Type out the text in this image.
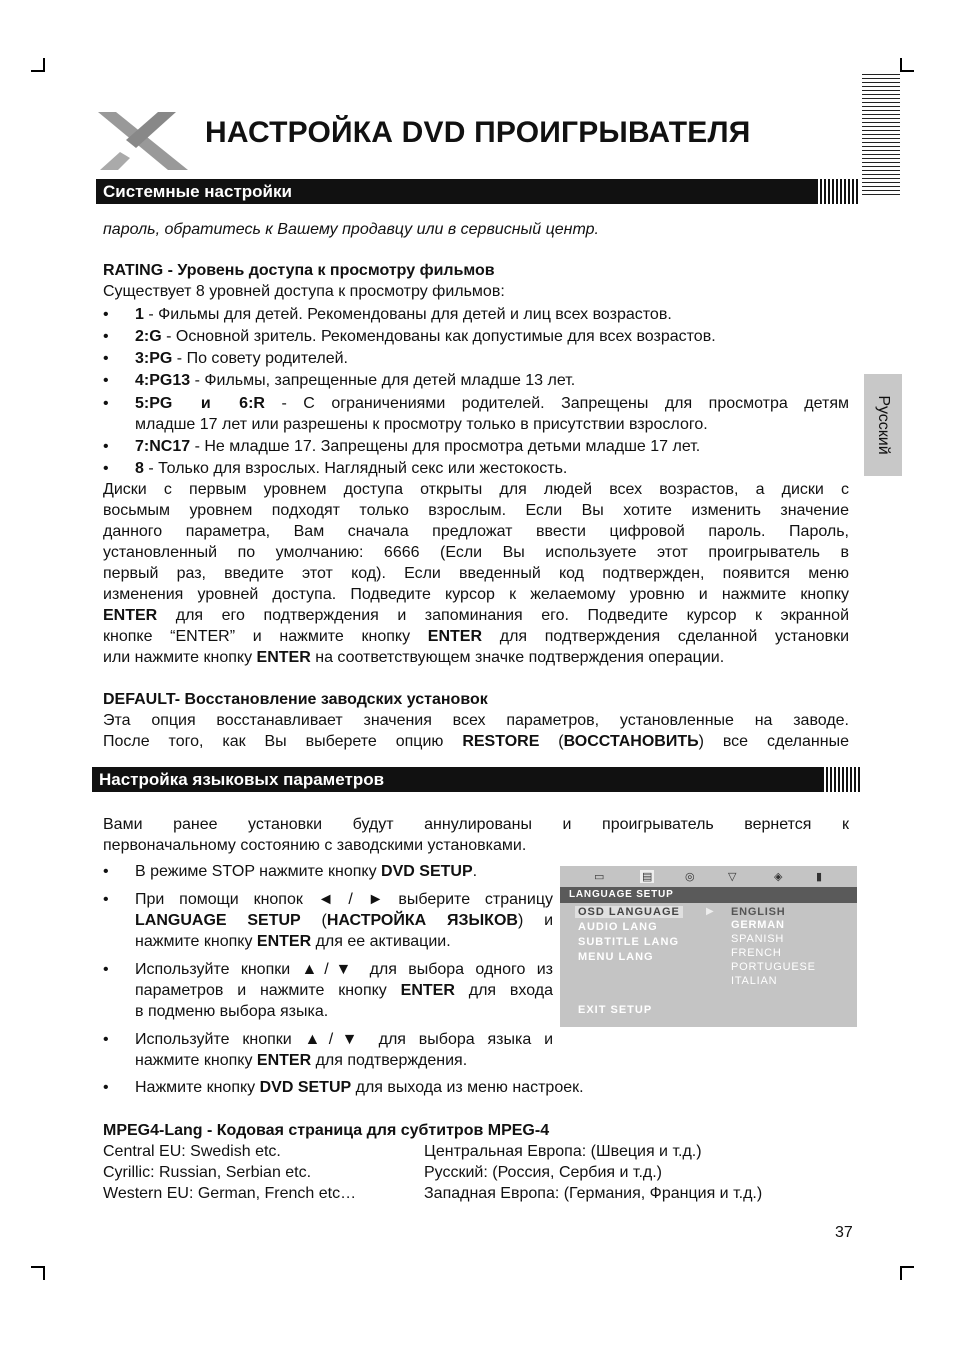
НАСТРОЙКА DVD ПРОИГРЫВАТЕЛЯ
Системные настройки
Русский
пароль, обратитесь к Вашему продавцу или в сервисный центр.
RATING - Уровень доступа к просмотру фильмов
Существует 8 уровней доступа к просмотру фильмов:
• 1 - Фильмы для детей. Рекомендованы для детей и лиц всех возрастов.
• 2:G - Основной зритель. Рекомендованы как допустимые для всех возрастов.
• 3:PG - По совету родителей.
• 4:PG13 - Фильмы, запрещенные для детей младше 13 лет.
• 5:PG и 6:R - С ограничениями родителей. Запрещены для просмотра детям
младше 17 лет или разрешены к просмотру только в присутствии взрослого.
• 7:NC17 - Не младше 17. Запрещены для просмотра детьми младше 17 лет.
• 8 - Только для взрослых. Наглядный секс или жестокость.
Диски с первым уровнем доступа открыты для людей всех возрастов, а диски с
восьмым уровнем подходят только взрослым. Если Вы хотите изменить значение
данного параметра, Вам сначала предложат ввести цифровой пароль. Пароль,
установленный по умолчанию: 6666 (Если Вы используете этот проигрыватель в
первый раз, введите этот код). Если введенный код подтвержден, появится меню
изменения уровней доступа. Подведите курсор к желаемому уровню и нажмите кнопку
ENTER для его подтверждения и запоминания его. Подведите курсор к экранной
кнопке “ENTER” и нажмите кнопку ENTER для подтверждения сделанной установки
или нажмите кнопку ENTER на соответствующем значке подтверждения операции.
DEFAULT- Восстановление заводских установок
Эта опция восстанавливает значения всех параметров, установленные на заводе.
После того, как Вы выберете опцию RESTORE (ВОССТАНОВИТЬ) все сделанные
Настройка языковых параметров
Вами ранее установки будут аннулированы и проигрыватель вернется к
первоначальному состоянию с заводскими установками.
• В режиме STOP нажмите кнопку DVD SETUP.
• При помощи кнопок ◄ / ► выберите страницу
LANGUAGE SETUP (НАСТРОЙКА ЯЗЫКОВ) и
нажмите кнопку ENTER для ее активации.
• Используйте кнопки ▲/▼ для выбора одного из
параметров и нажмите кнопку ENTER для входа
в подменю выбора языка.
• Используйте кнопки ▲/▼ для выбора языка и
нажмите кнопку ENTER для подтверждения.
• Нажмите кнопку DVD SETUP для выхода из меню настроек.
▭	▤	◎	▽	◈	▮
LANGUAGE SETUP
OSD LANGUAGE	▶
AUDIO LANG
SUBTITLE LANG
MENU LANG
ENGLISH
GERMAN
SPANISH
FRENCH
PORTUGUESE
ITALIAN
EXIT SETUP
MPEG4-Lang - Кодовая страница для субтитров MPEG-4
Central EU: Swedish etc.	Центральная Европа: (Швеция и т.д.)
Cyrillic: Russian, Serbian etc.	Русский: (Россия, Сербия и т.д.)
Western EU: German, French etc…	Западная Европа: (Германия, Франция и т.д.)
37
